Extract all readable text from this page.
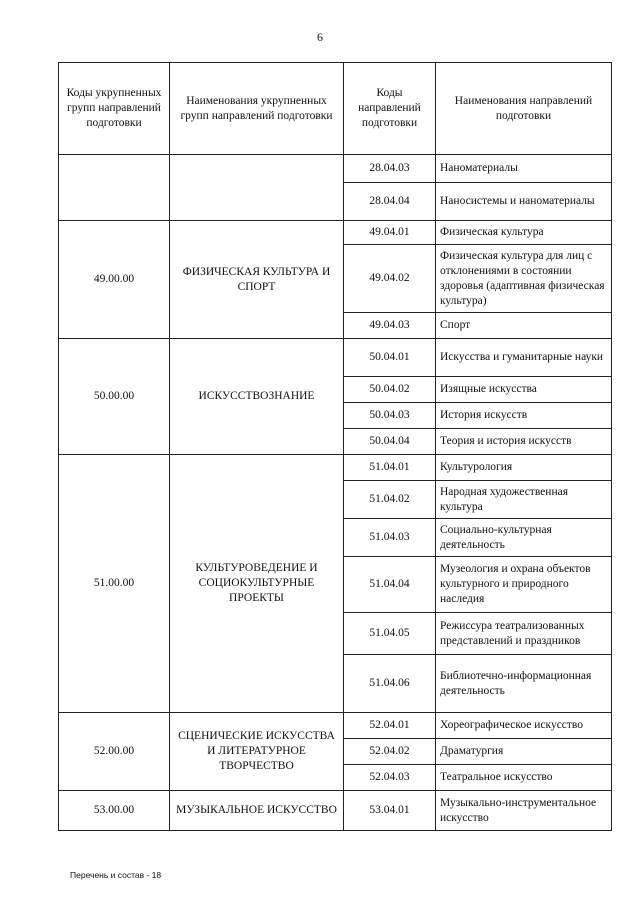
6
Коды укрупненных групп направлений подготовки	Наименования укрупненных групп направлений подготовки	Коды направлений подготовки	Наименования направлений подготовки
		28.04.03	Наноматериалы
		28.04.04	Наносистемы и наноматериалы
49.00.00	ФИЗИЧЕСКАЯ КУЛЬТУРА И СПОРТ	49.04.01	Физическая культура
		49.04.02	Физическая культура для лиц с отклонениями в состоянии здоровья (адаптивная физическая культура)
		49.04.03	Спорт
50.00.00	ИСКУССТВОЗНАНИЕ	50.04.01	Искусства и гуманитарные науки
		50.04.02	Изящные искусства
		50.04.03	История искусств
		50.04.04	Теория и история искусств
51.00.00	КУЛЬТУРОВЕДЕНИЕ И СОЦИОКУЛЬТУРНЫЕ ПРОЕКТЫ	51.04.01	Культурология
		51.04.02	Народная художественная культура
		51.04.03	Социально-культурная деятельность
		51.04.04	Музеология и охрана объектов культурного и природного наследия
		51.04.05	Режиссура театрализованных представлений и праздников
		51.04.06	Библиотечно-информационная деятельность
52.00.00	СЦЕНИЧЕСКИЕ ИСКУССТВА И ЛИТЕРАТУРНОЕ ТВОРЧЕСТВО	52.04.01	Хореографическое искусство
		52.04.02	Драматургия
		52.04.03	Театральное искусство
53.00.00	МУЗЫКАЛЬНОЕ ИСКУССТВО	53.04.01	Музыкально-инструментальное искусство
Перечень и состав - 18
